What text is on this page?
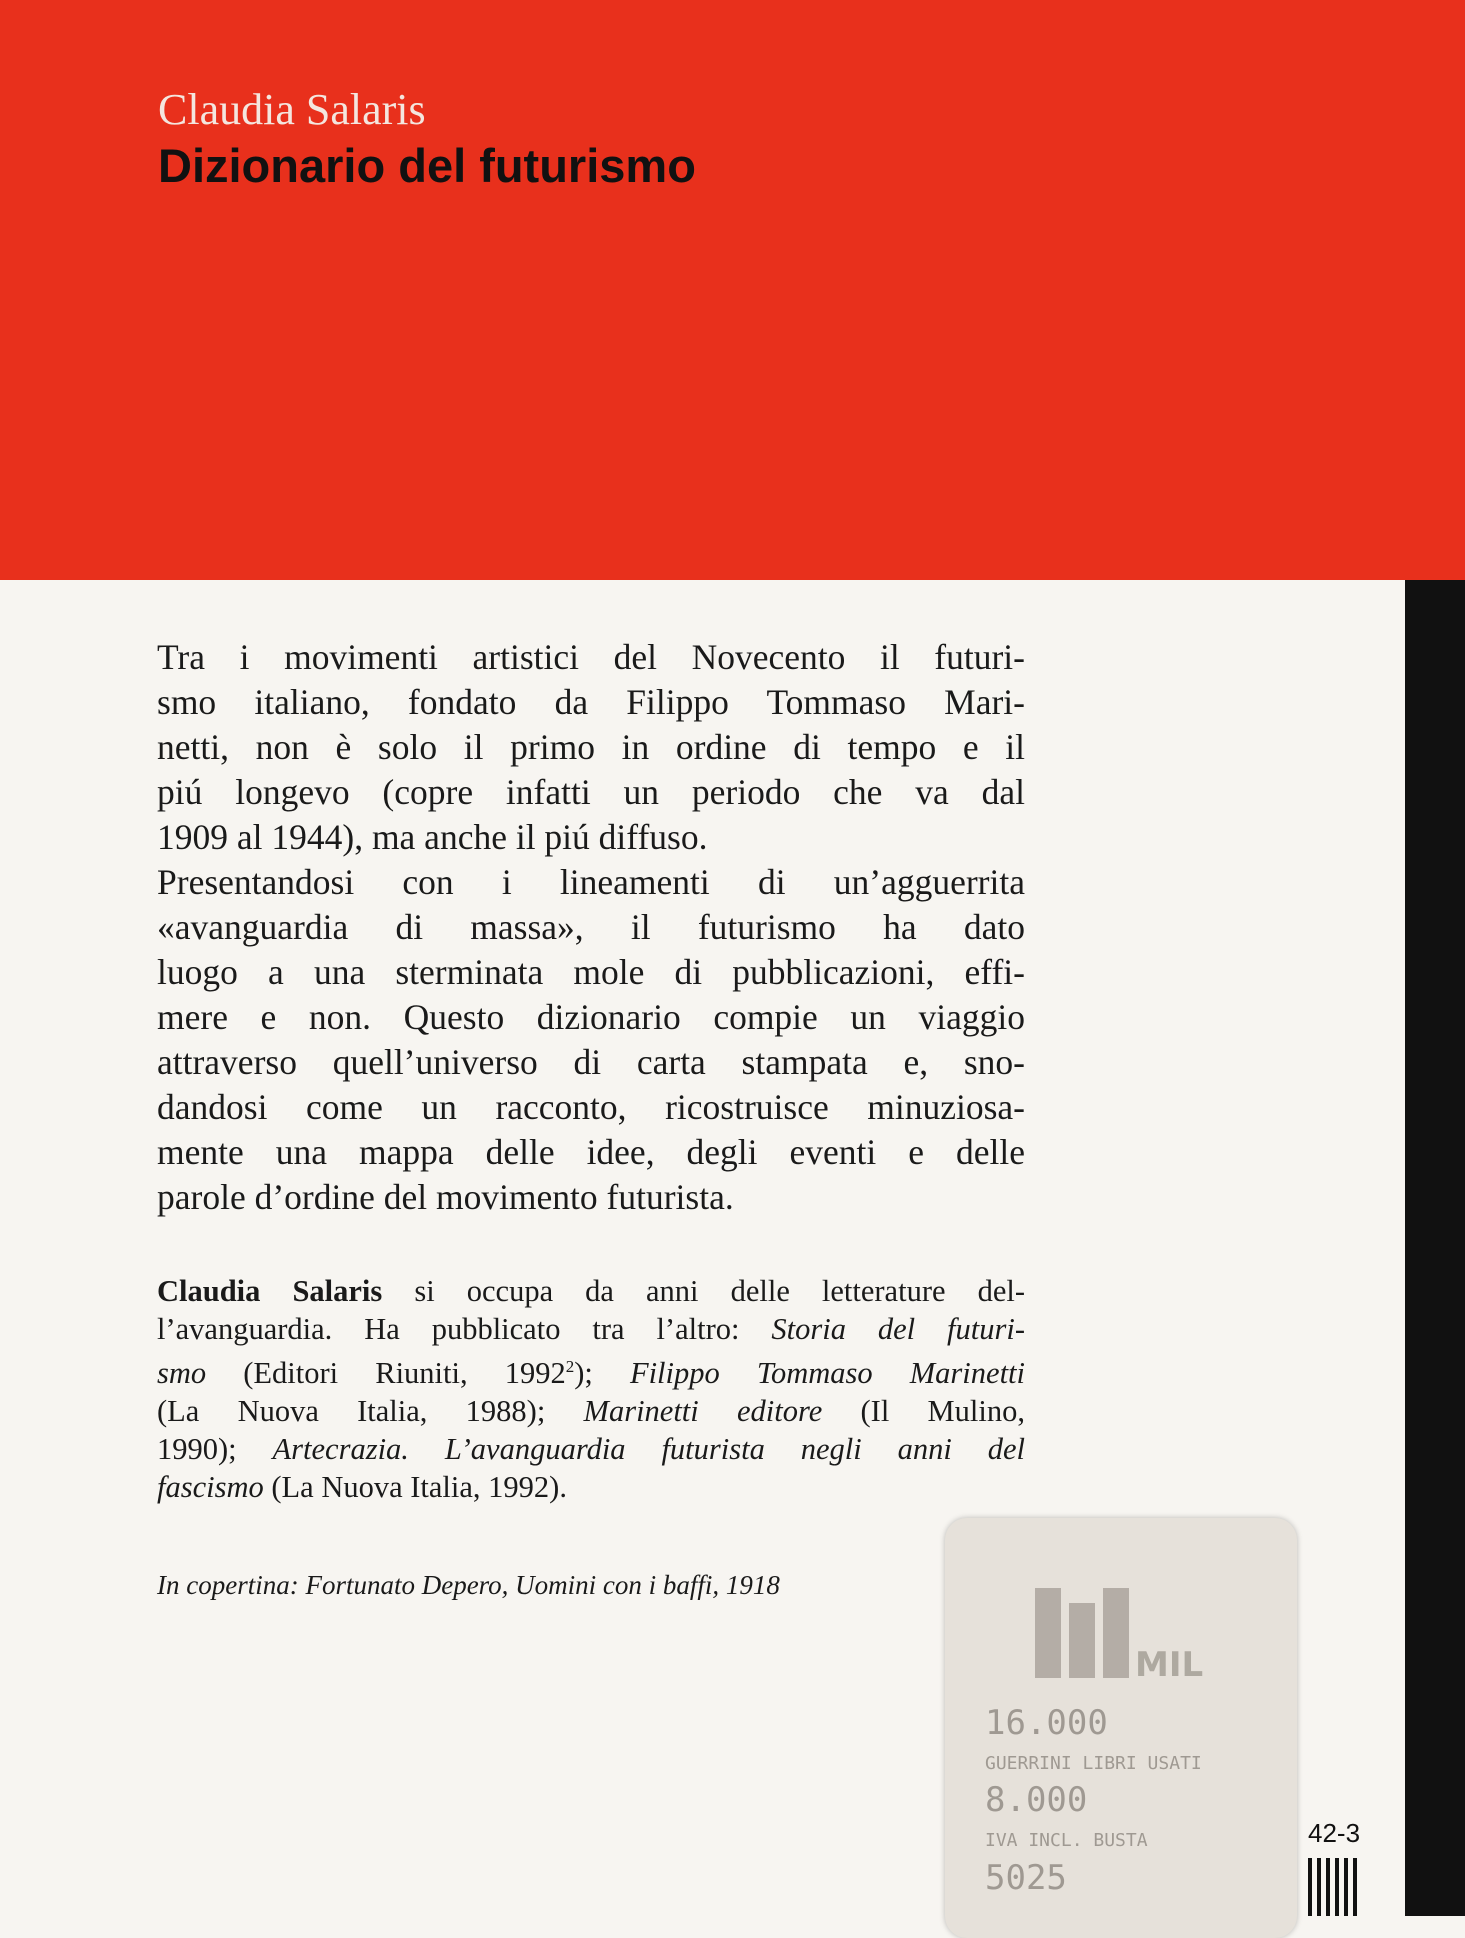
Claudia Salaris
Dizionario del futurismo
Tra i movimenti artistici del Novecento il futuri-
smo italiano, fondato da Filippo Tommaso Mari-
netti, non è solo il primo in ordine di tempo e il
piú longevo (copre infatti un periodo che va dal
1909 al 1944), ma anche il piú diffuso.
Presentandosi con i lineamenti di un’agguerrita
«avanguardia di massa», il futurismo ha dato
luogo a una sterminata mole di pubblicazioni, effi-
mere e non. Questo dizionario compie un viaggio
attraverso quell’universo di carta stampata e, sno-
dandosi come un racconto, ricostruisce minuziosa-
mente una mappa delle idee, degli eventi e delle
parole d’ordine del movimento futurista.
Claudia Salaris si occupa da anni delle letterature del-
l’avanguardia. Ha pubblicato tra l’altro: Storia del futuri-
smo (Editori Riuniti, 1992$^2$); Filippo Tommaso Marinetti
(La Nuova Italia, 1988); Marinetti editore (Il Mulino,
1990); Artecrazia. L’avanguardia futurista negli anni del
fascismo (La Nuova Italia, 1992).
In copertina: Fortunato Depero, Uomini con i baffi, 1918
MIL
16.000
GUERRINI LIBRI USATI
8.000
IVA INCL. BUSTA
5025
42-3
